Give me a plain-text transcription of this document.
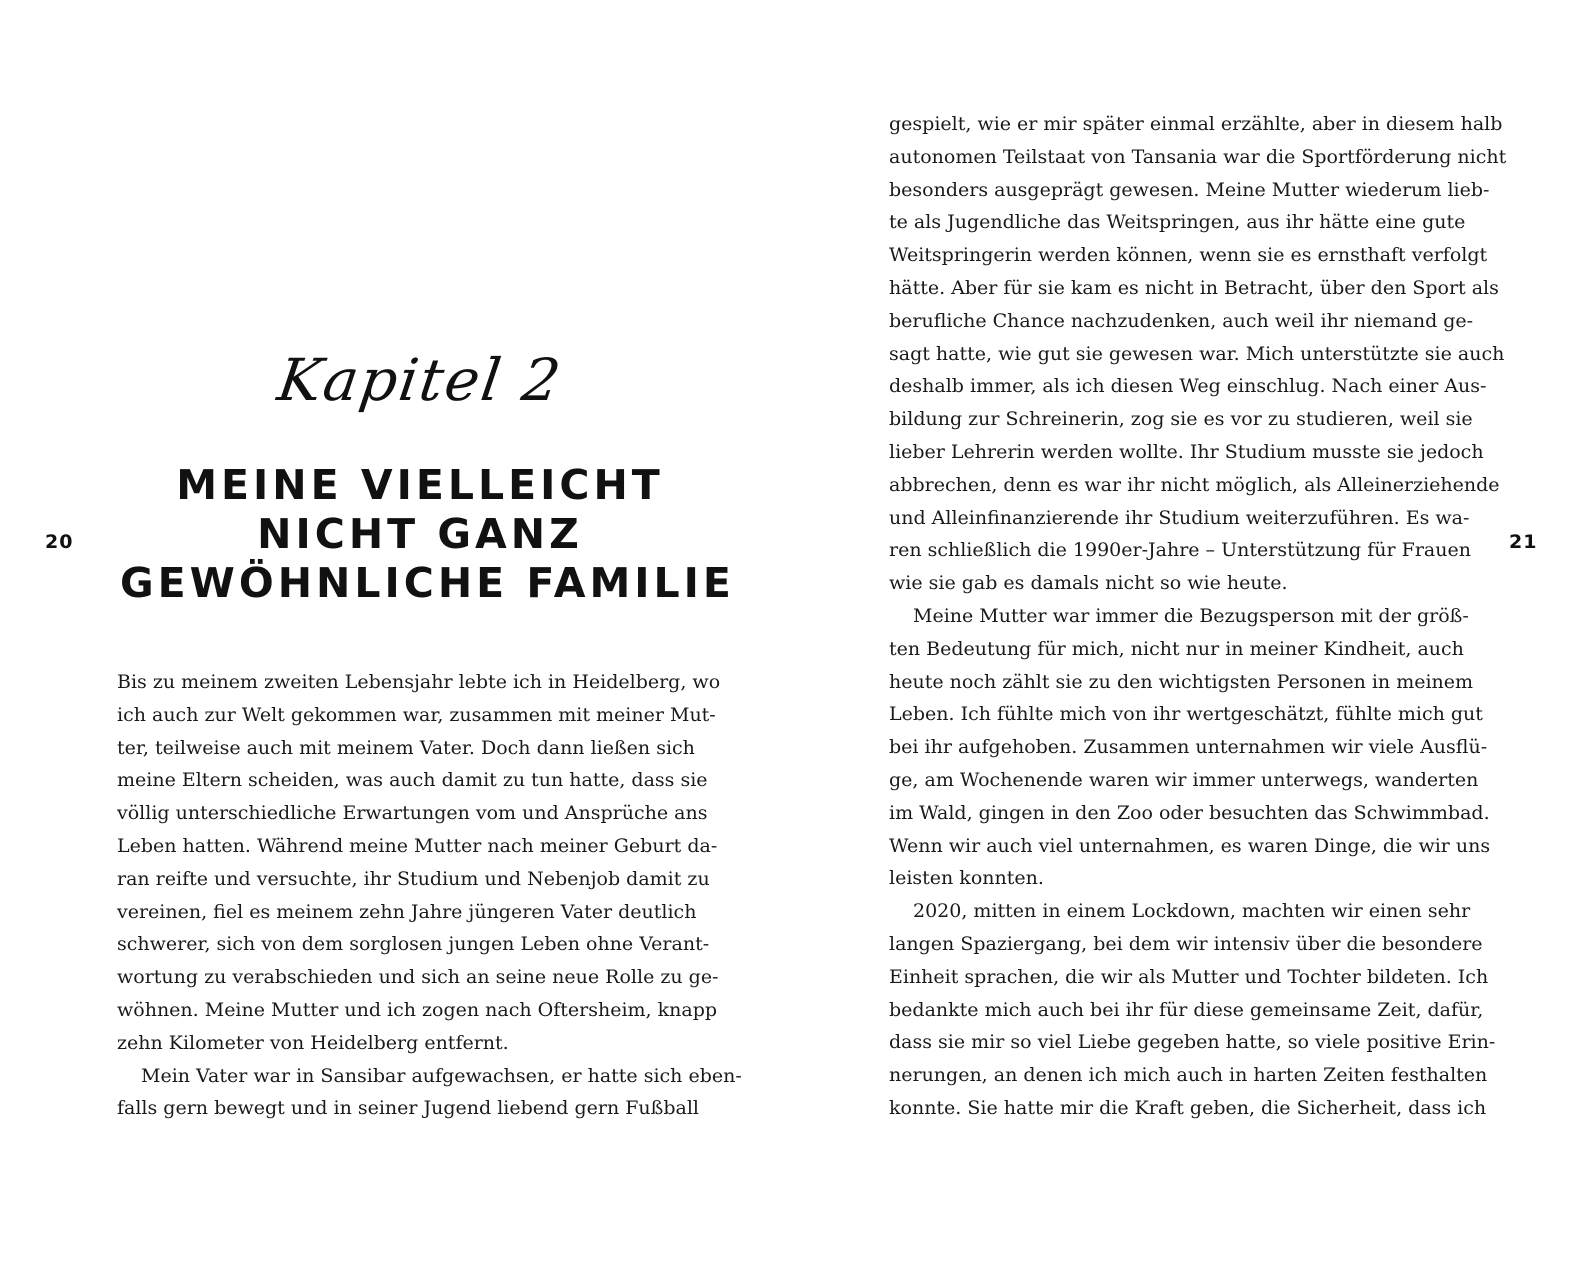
20
Kapitel 2
MEINE VIELLEICHT
NICHT GANZ
GEWÖHNLICHE FAMILIE
Bis zu meinem zweiten Lebensjahr lebte ich in Heidelberg, wo
ich auch zur Welt gekommen war, zusammen mit meiner Mut-
ter, teilweise auch mit meinem Vater. Doch dann ließen sich
meine Eltern scheiden, was auch damit zu tun hatte, dass sie
völlig unterschiedliche Erwartungen vom und Ansprüche ans
Leben hatten. Während meine Mutter nach meiner Geburt da-
ran reifte und versuchte, ihr Studium und Nebenjob damit zu
vereinen, fiel es meinem zehn Jahre jüngeren Vater deutlich
schwerer, sich von dem sorglosen jungen Leben ohne Verant-
wortung zu verabschieden und sich an seine neue Rolle zu ge-
wöhnen. Meine Mutter und ich zogen nach Oftersheim, knapp
zehn Kilometer von Heidelberg entfernt.
Mein Vater war in Sansibar aufgewachsen, er hatte sich eben-
falls gern bewegt und in seiner Jugend liebend gern Fußball
21
gespielt, wie er mir später einmal erzählte, aber in diesem halb
autonomen Teilstaat von Tansania war die Sportförderung nicht
besonders ausgeprägt gewesen. Meine Mutter wiederum lieb-
te als Jugendliche das Weitspringen, aus ihr hätte eine gute
Weitspringerin werden können, wenn sie es ernsthaft verfolgt
hätte. Aber für sie kam es nicht in Betracht, über den Sport als
berufliche Chance nachzudenken, auch weil ihr niemand ge-
sagt hatte, wie gut sie gewesen war. Mich unterstützte sie auch
deshalb immer, als ich diesen Weg einschlug. Nach einer Aus-
bildung zur Schreinerin, zog sie es vor zu studieren, weil sie
lieber Lehrerin werden wollte. Ihr Studium musste sie jedoch
abbrechen, denn es war ihr nicht möglich, als Alleinerziehende
und Alleinfinanzierende ihr Studium weiterzuführen. Es wa-
ren schließlich die 1990er-Jahre – Unterstützung für Frauen
wie sie gab es damals nicht so wie heute.
Meine Mutter war immer die Bezugsperson mit der größ-
ten Bedeutung für mich, nicht nur in meiner Kindheit, auch
heute noch zählt sie zu den wichtigsten Personen in meinem
Leben. Ich fühlte mich von ihr wertgeschätzt, fühlte mich gut
bei ihr aufgehoben. Zusammen unternahmen wir viele Ausflü-
ge, am Wochenende waren wir immer unterwegs, wanderten
im Wald, gingen in den Zoo oder besuchten das Schwimmbad.
Wenn wir auch viel unternahmen, es waren Dinge, die wir uns
leisten konnten.
2020, mitten in einem Lockdown, machten wir einen sehr
langen Spaziergang, bei dem wir intensiv über die besondere
Einheit sprachen, die wir als Mutter und Tochter bildeten. Ich
bedankte mich auch bei ihr für diese gemeinsame Zeit, dafür,
dass sie mir so viel Liebe gegeben hatte, so viele positive Erin-
nerungen, an denen ich mich auch in harten Zeiten festhalten
konnte. Sie hatte mir die Kraft geben, die Sicherheit, dass ich
